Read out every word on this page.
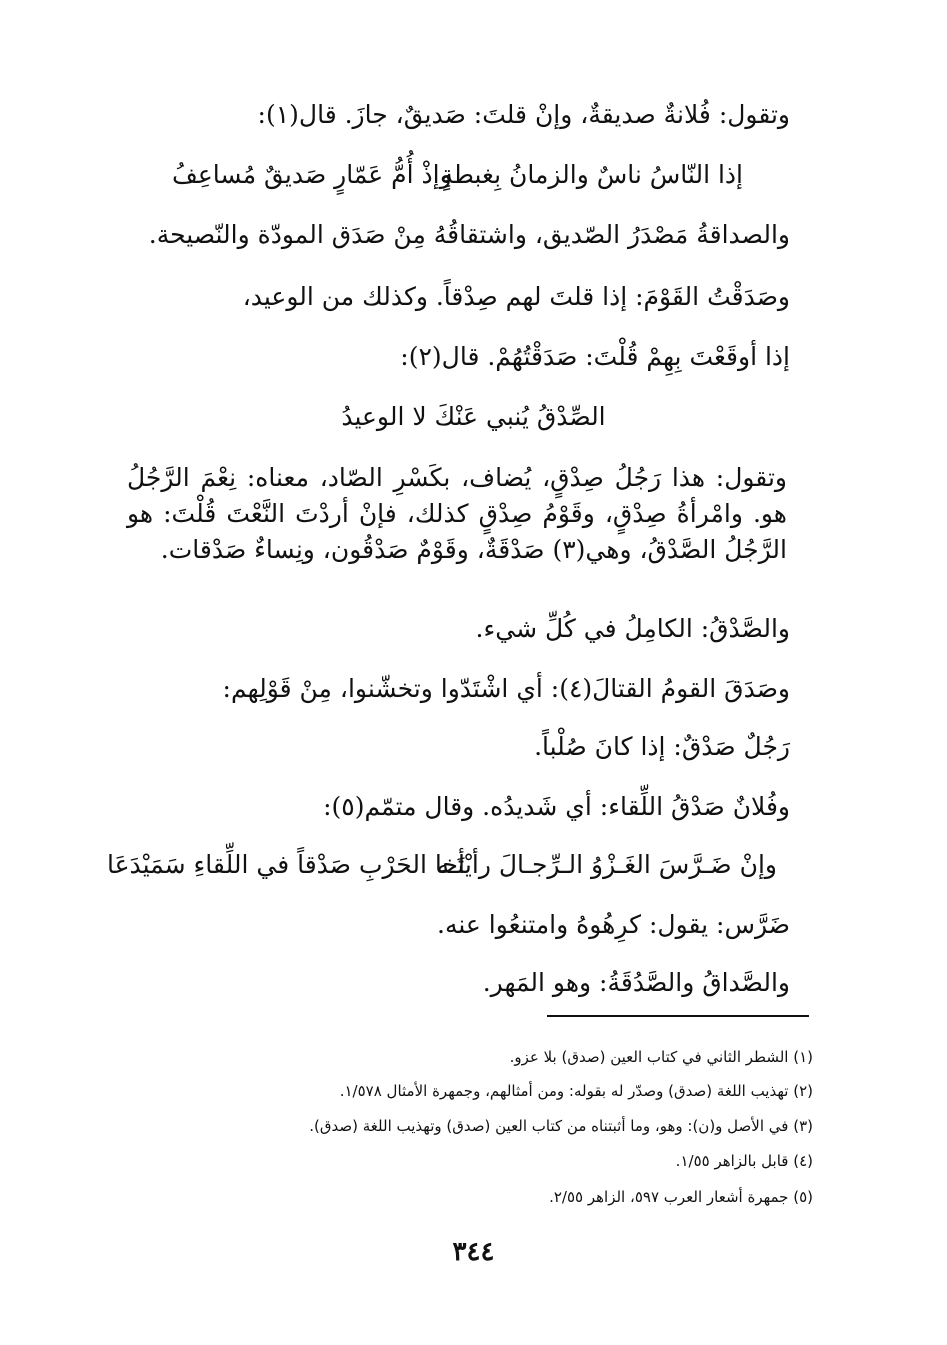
وتقول: فُلانةٌ صديقةٌ، وإنْ قلتَ: صَديقٌ، جازَ. قال(١):
إذا النّاسُ ناسٌ والزمانُ بِغبطةٍ
وإذْ أُمُّ عَمّارٍ صَديقٌ مُساعِفُ
والصداقةُ مَصْدَرُ الصّديق، واشتقاقُهُ مِنْ صَدَق المودّة والنّصيحة.
وصَدَقْتُ القَوْمَ: إذا قلتَ لهم صِدْقاً. وكذلك من الوعيد،
إذا أوقَعْتَ بِهِمْ قُلْتَ: صَدَقْتُهُمْ. قال(٢):
الصِّدْقُ يُنبي عَنْكَ لا الوعيدُ
وتقول: هذا رَجُلُ صِدْقٍ، يُضاف، بكَسْرِ الصّاد، معناه: نِعْمَ الرَّجُلُ هو. وامْرأةُ صِدْقٍ، وقَوْمُ صِدْقٍ كذلك، فإنْ أردْتَ النَّعْتَ قُلْتَ: هو الرَّجُلُ الصَّدْقُ، وهي(٣) صَدْقَةٌ، وقَوْمٌ صَدْقُون، ونِساءٌ صَدْقات.
والصَّدْقُ: الكامِلُ في كُلِّ شيء.
وصَدَقَ القومُ القتالَ(٤): أي اشْتَدّوا وتخشّنوا، مِنْ قَوْلِهم:
رَجُلٌ صَدْقٌ: إذا كانَ صُلْباً.
وفُلانٌ صَدْقُ اللِّقاء: أي شَديدُه. وقال متمّم(٥):
وإنْ ضَـرَّسَ الغَـزْوُ الـرِّجـالَ رأيْتَـه
أخا الحَرْبِ صَدْقاً في اللِّقاءِ سَمَيْدَعَا
ضَرَّس: يقول: كرِهُوهُ وامتنعُوا عنه.
والصَّداقُ والصَّدُقَةُ: وهو المَهر.
(١) الشطر الثاني في كتاب العين (صدق) بلا عزو.
(٢) تهذيب اللغة (صدق) وصدّر له بقوله: ومن أمثالهم، وجمهرة الأمثال ١/٥٧٨.
(٣) في الأصل و(ن): وهو، وما أثبتناه من كتاب العين (صدق) وتهذيب اللغة (صدق).
(٤) قابل بالزاهر ١/٥٥.
(٥) جمهرة أشعار العرب ٥٩٧، الزاهر ٢/٥٥.
٣٤٤
